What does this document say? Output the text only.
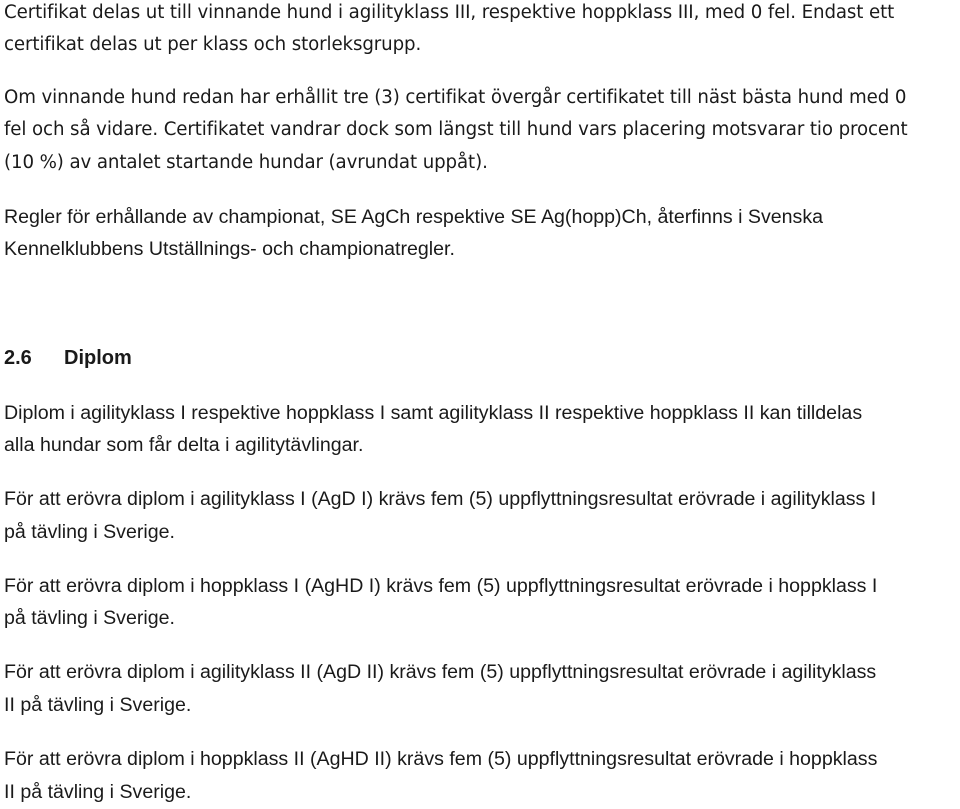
Certifikat delas ut till vinnande hund i agilityklass III, respektive hoppklass III, med 0 fel. Endast ett
certifikat delas ut per klass och storleksgrupp.
Om vinnande hund redan har erhållit tre (3) certifikat övergår certifikatet till näst bästa hund med 0
fel och så vidare. Certifikatet vandrar dock som längst till hund vars placering motsvarar tio procent
(10 %) av antalet startande hundar (avrundat uppåt).
Regler för erhållande av championat, SE AgCh respektive SE Ag(hopp)Ch, återfinns i Svenska
Kennelklubbens Utställnings- och championatregler.
2.6 Diplom
Diplom i agilityklass I respektive hoppklass I samt agilityklass II respektive hoppklass II kan tilldelas
alla hundar som får delta i agilitytävlingar.
För att erövra diplom i agilityklass I (AgD I) krävs fem (5) uppflyttningsresultat erövrade i agilityklass I
på tävling i Sverige.
För att erövra diplom i hoppklass I (AgHD I) krävs fem (5) uppflyttningsresultat erövrade i hoppklass I
på tävling i Sverige.
För att erövra diplom i agilityklass II (AgD II) krävs fem (5) uppflyttningsresultat erövrade i agilityklass
II på tävling i Sverige.
För att erövra diplom i hoppklass II (AgHD II) krävs fem (5) uppflyttningsresultat erövrade i hoppklass
II på tävling i Sverige.
